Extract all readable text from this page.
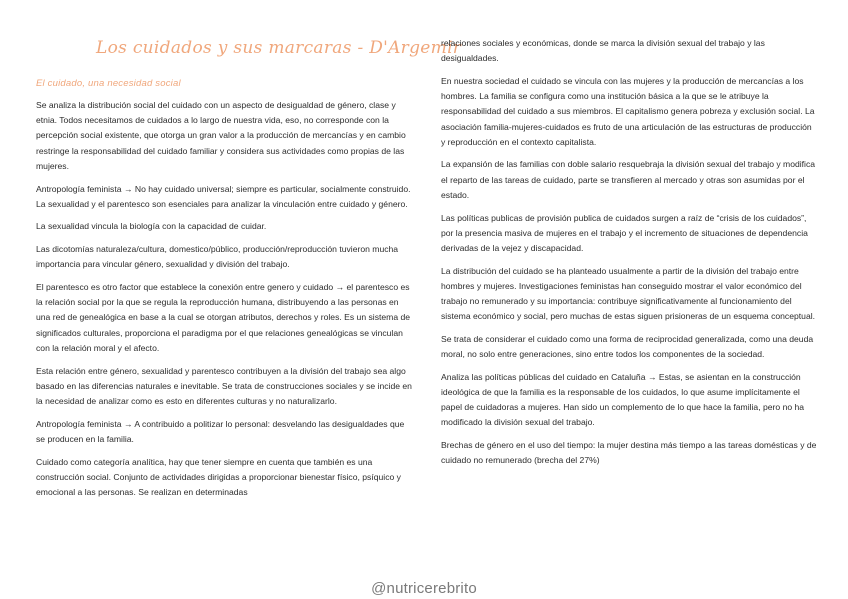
Los cuidados y sus marcaras - D'Argemir
El cuidado, una necesidad social

Se analiza la distribución social del cuidado con un aspecto de desigualdad de género, clase y etnia. Todos necesitamos de cuidados a lo largo de nuestra vida, eso, no corresponde con la percepción social existente, que otorga un gran valor a la producción de mercancías y en cambio restringe la responsabilidad del cuidado familiar y considera sus actividades como propias de las mujeres.

Antropología feminista → No hay cuidado universal; siempre es particular, socialmente construido. La sexualidad y el parentesco son esenciales para analizar la vinculación entre cuidado y género.

La sexualidad vincula la biología con la capacidad de cuidar.

Las dicotomías naturaleza/cultura, domestico/público, producción/reproducción tuvieron mucha importancia para vincular género, sexualidad y división del trabajo.

El parentesco es otro factor que establece la conexión entre genero y cuidado → el parentesco es la relación social por la que se regula la reproducción humana, distribuyendo a las personas en una red de genealógica en base a la cual se otorgan atributos, derechos y roles. Es un sistema de significados culturales, proporciona el paradigma por el que relaciones genealógicas se vinculan con la relación moral y el afecto.

Esta relación entre género, sexualidad y parentesco contribuyen a la división del trabajo sea algo basado en las diferencias naturales e inevitable. Se trata de construcciones sociales y se incide en la necesidad de analizar como es esto en diferentes culturas y no naturalizarlo.

Antropología feminista → A contribuido a politizar lo personal: desvelando las desigualdades que se producen en la familia.

Cuidado como categoría analítica, hay que tener siempre en cuenta que también es una construcción social. Conjunto de actividades dirigidas a proporcionar bienestar físico, psíquico y emocional a las personas. Se realizan en determinadas

relaciones sociales y económicas, donde se marca la división sexual del trabajo y las desigualdades.

En nuestra sociedad el cuidado se vincula con las mujeres y la producción de mercancías a los hombres. La familia se configura como una institución básica a la que se le atribuye la responsabilidad del cuidado a sus miembros. El capitalismo genera pobreza y exclusión social. La asociación familia-mujeres-cuidados es fruto de una articulación de las estructuras de producción y reproducción en el contexto capitalista.

La expansión de las familias con doble salario resquebraja la división sexual del trabajo y modifica el reparto de las tareas de cuidado, parte se transfieren al mercado y otras son asumidas por el estado.

Las políticas publicas de provisión publica de cuidados surgen a raíz de “crisis de los cuidados”, por la presencia masiva de mujeres en el trabajo y el incremento de situaciones de dependencia derivadas de la vejez y discapacidad.

La distribución del cuidado se ha planteado usualmente a partir de la división del trabajo entre hombres y mujeres. Investigaciones feministas han conseguido mostrar el valor económico del trabajo no remunerado y su importancia: contribuye significativamente al funcionamiento del sistema económico y social, pero muchas de estas siguen prisioneras de un esquema conceptual.

Se trata de considerar el cuidado como una forma de reciprocidad generalizada, como una deuda moral, no solo entre generaciones, sino entre todos los componentes de la sociedad.

Analiza las políticas públicas del cuidado en Cataluña → Estas, se asientan en la construcción ideológica de que la familia es la responsable de los cuidados, lo que asume implícitamente el papel de cuidadoras a mujeres. Han sido un complemento de lo que hace la familia, pero no ha modificado la división sexual del trabajo.

Brechas de género en el uso del tiempo: la mujer destina más tiempo a las tareas domésticas y de cuidado no remunerado (brecha del 27%)

@nutricerebrito
